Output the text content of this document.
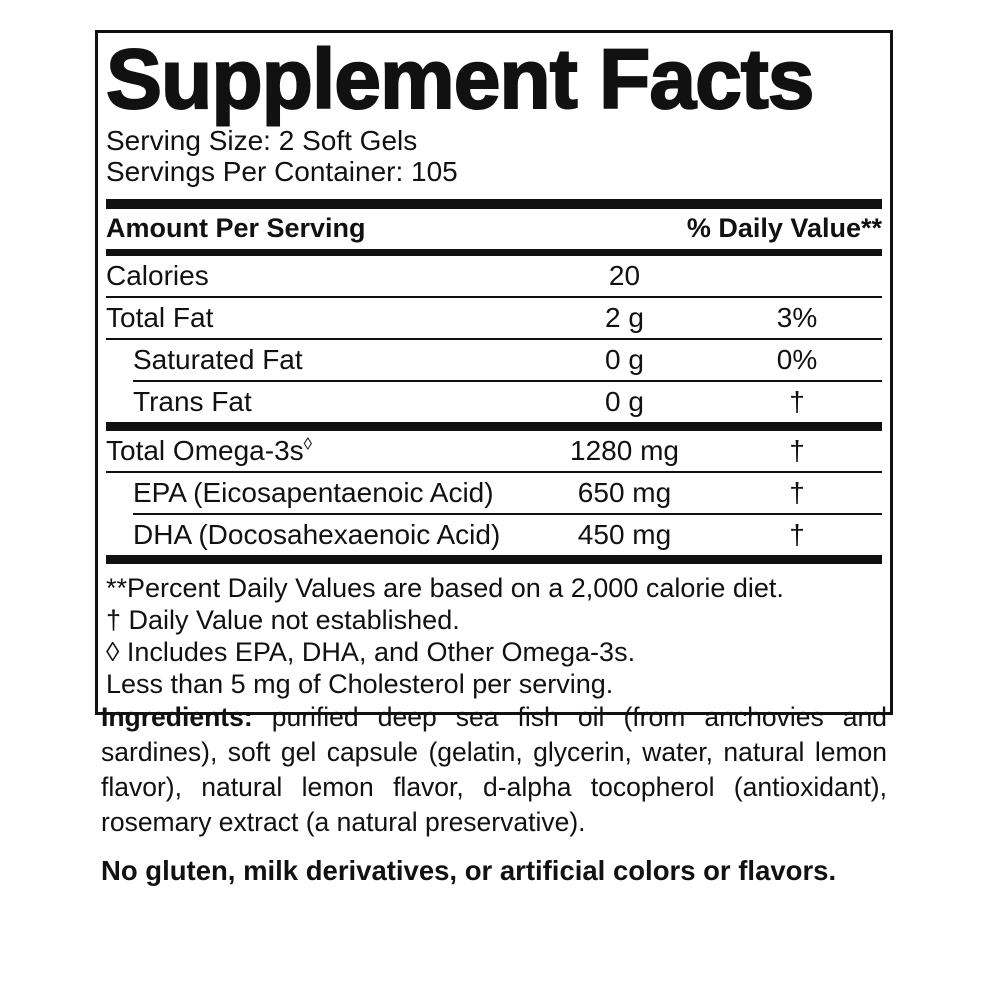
Supplement Facts
Serving Size: 2 Soft Gels
Servings Per Container: 105
Amount Per Serving	% Daily Value**
Calories	20
Total Fat	2 g	3%
Saturated Fat	0 g	0%
Trans Fat	0 g	†
Total Omega-3s◊	1280 mg	†
EPA (Eicosapentaenoic Acid)	650 mg	†
DHA (Docosahexaenoic Acid)	450 mg	†
**Percent Daily Values are based on a 2,000 calorie diet.
† Daily Value not established.
◊ Includes EPA, DHA, and Other Omega-3s.
Less than 5 mg of Cholesterol per serving.

Ingredients: purified deep sea fish oil (from anchovies and sardines), soft gel capsule (gelatin, glycerin, water, natural lemon flavor), natural lemon flavor, d-alpha tocopherol (antioxidant), rosemary extract (a natural preservative).

No gluten, milk derivatives, or artificial colors or flavors.
